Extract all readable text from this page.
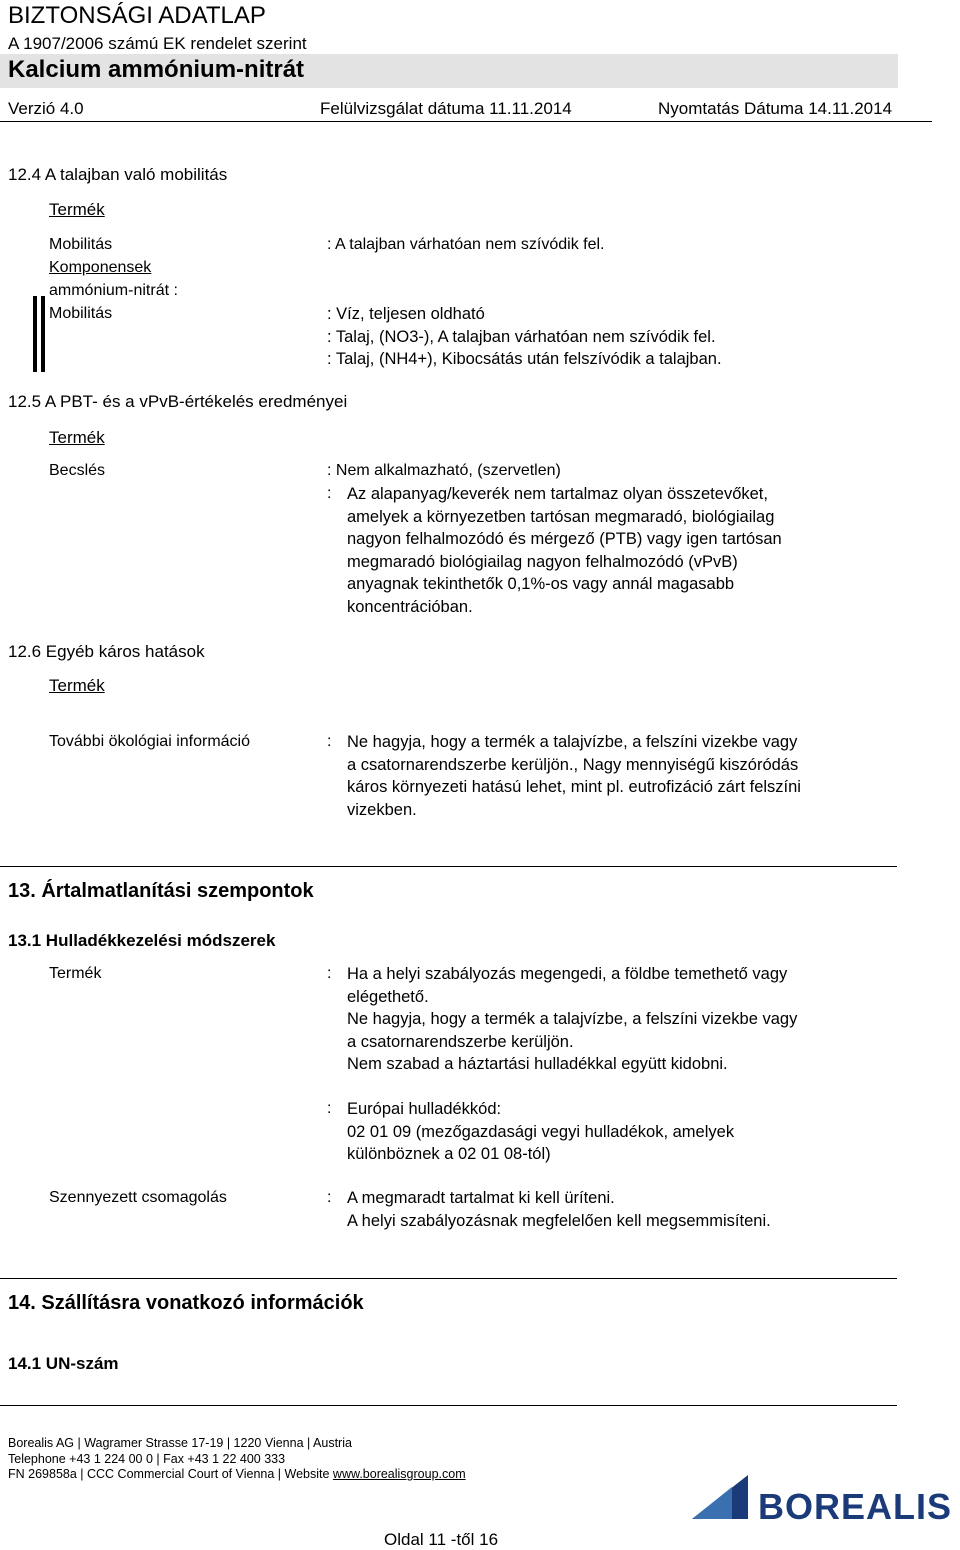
BIZTONSÁGI ADATLAP
A 1907/2006 számú EK rendelet szerint
Kalcium ammónium-nitrát
Verzió 4.0	Felülvizsgálat dátuma 11.11.2014	Nyomtatás Dátuma 14.11.2014
12.4 A talajban való mobilitás
Termék
Mobilitás	: A talajban várhatóan nem szívódik fel.
Komponensek
ammónium-nitrát :
Mobilitás	: Víz, teljesen oldható
: Talaj, (NO3-), A talajban várhatóan nem szívódik fel.
: Talaj, (NH4+), Kibocsátás után felszívódik a talajban.
12.5 A PBT- és a vPvB-értékelés eredményei
Termék
Becslés	: Nem alkalmazható, (szervetlen)
: Az alapanyag/keverék nem tartalmaz olyan összetevőket,
amelyek a környezetben tartósan megmaradó, biológiailag
nagyon felhalmozódó és mérgező (PTB) vagy igen tartósan
megmaradó biológiailag nagyon felhalmozódó (vPvB)
anyagnak tekinthetők 0,1%-os vagy annál magasabb
koncentrációban.
12.6 Egyéb káros hatások
Termék
További ökológiai információ	: Ne hagyja, hogy a termék a talajvízbe, a felszíni vizekbe vagy
a csatornarendszerbe kerüljön., Nagy mennyiségű kiszóródás
káros környezeti hatású lehet, mint pl. eutrofizáció zárt felszíni
vizekben.
13. Ártalmatlanítási szempontok
13.1 Hulladékkezelési módszerek
Termék	: Ha a helyi szabályozás megengedi, a földbe temethető vagy
elégethető.
Ne hagyja, hogy a termék a talajvízbe, a felszíni vizekbe vagy
a csatornarendszerbe kerüljön.
Nem szabad a háztartási hulladékkal együtt kidobni.
: Európai hulladékkód:
02 01 09 (mezőgazdasági vegyi hulladékok, amelyek
különböznek a 02 01 08-tól)
Szennyezett csomagolás	: A megmaradt tartalmat ki kell üríteni.
A helyi szabályozásnak megfelelően kell megsemmisíteni.
14. Szállításra vonatkozó információk
14.1 UN-szám
Borealis AG | Wagramer Strasse 17-19 | 1220 Vienna | Austria
Telephone +43 1 224 00 0 | Fax +43 1 22 400 333
FN 269858a | CCC Commercial Court of Vienna | Website www.borealisgroup.com
BOREALIS
Oldal 11 -től 16
